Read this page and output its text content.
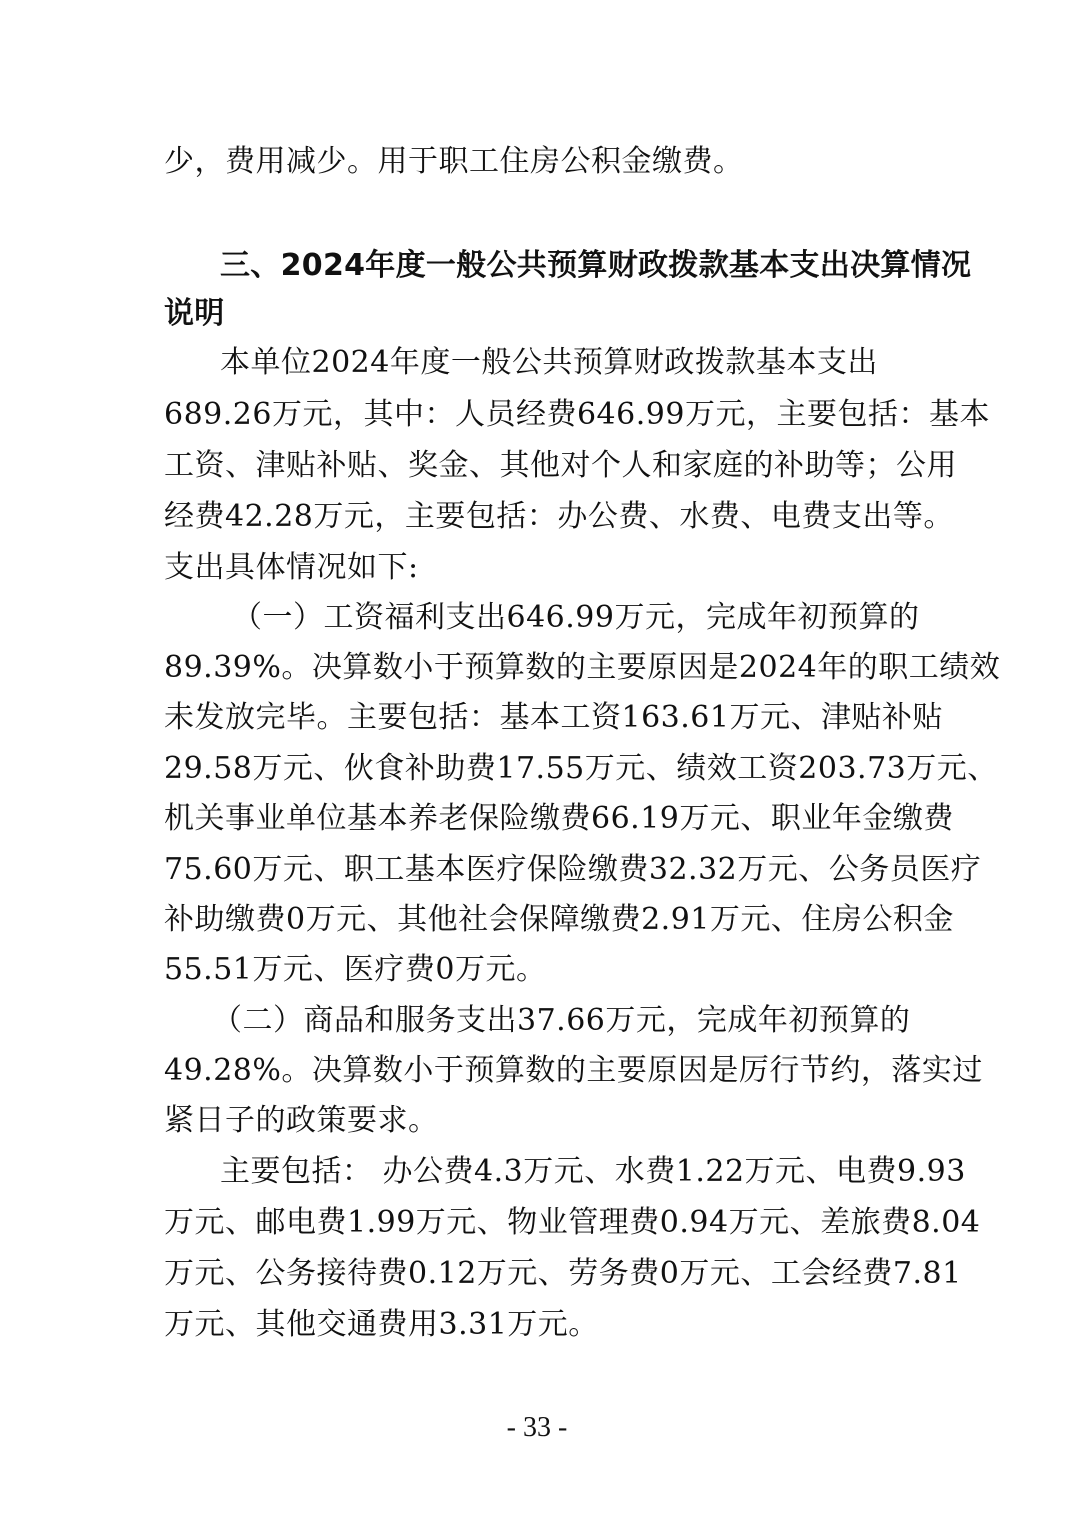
少，费用减少。用于职工住房公积金缴费。
三、2024年度一般公共预算财政拨款基本支出决算情况
说明
本单位2024年度一般公共预算财政拨款基本支出
689.26万元，其中：人员经费646.99万元，主要包括：基本
工资、津贴补贴、奖金、其他对个人和家庭的补助等；公用
经费42.28万元，主要包括：办公费、水费、电费支出等。
支出具体情况如下:
（一）工资福利支出646.99万元，完成年初预算的
89.39%。决算数小于预算数的主要原因是2024年的职工绩效
未发放完毕。主要包括：基本工资163.61万元、津贴补贴
29.58万元、伙食补助费17.55万元、绩效工资203.73万元、
机关事业单位基本养老保险缴费66.19万元、职业年金缴费
75.60万元、职工基本医疗保险缴费32.32万元、公务员医疗
补助缴费0万元、其他社会保障缴费2.91万元、住房公积金
55.51万元、医疗费0万元。
（二）商品和服务支出37.66万元，完成年初预算的
49.28%。决算数小于预算数的主要原因是厉行节约，落实过
紧日子的政策要求。
主要包括： 办公费4.3万元、水费1.22万元、电费9.93
万元、邮电费1.99万元、物业管理费0.94万元、差旅费8.04
万元、公务接待费0.12万元、劳务费0万元、工会经费7.81
万元、其他交通费用3.31万元。
- 33 -
